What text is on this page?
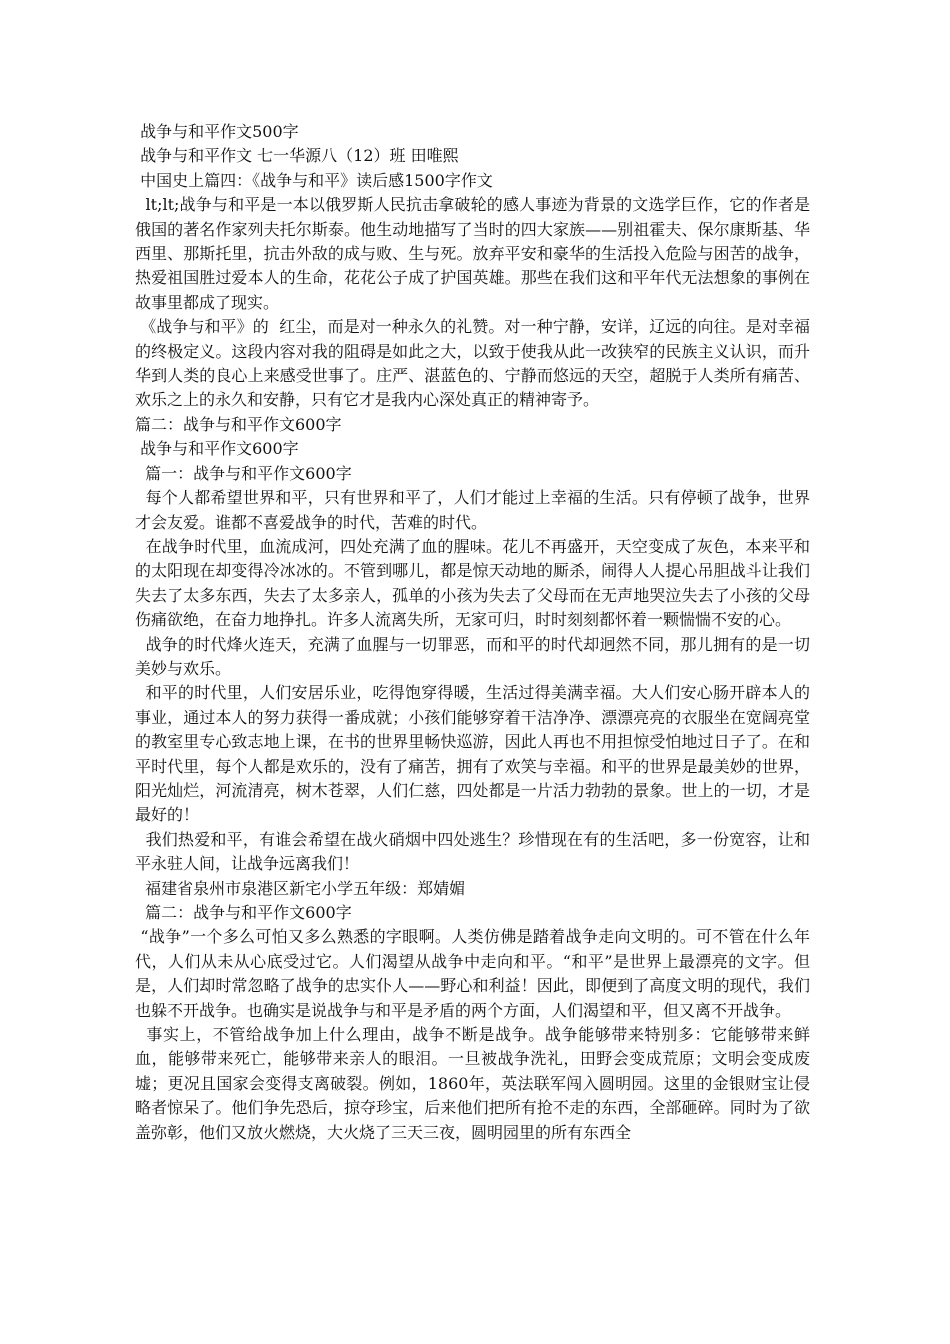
战争与和平作文500字

战争与和平作文 七一华源八（12）班 田唯熙

中国史上篇四：《战争与和平》读后感1500字作文

lt;lt;战争与和平是一本以俄罗斯人民抗击拿破轮的感人事迹为背景的文选学巨作，它的作者是俄国的著名作家列夫托尔斯泰。他生动地描写了当时的四大家族——别祖霍夫、保尔康斯基、华西里、那斯托里，抗击外敌的成与败、生与死。放弃平安和豪华的生活投入危险与困苦的战争，热爱祖国胜过爱本人的生命，花花公子成了护国英雄。那些在我们这和平年代无法想象的事例在故事里都成了现实。

《战争与和平》的  红尘，而是对一种永久的礼赞。对一种宁静，安详，辽远的向往。是对幸福的终极定义。这段内容对我的阻碍是如此之大，以致于使我从此一改狭窄的民族主义认识，而升华到人类的良心上来感受世事了。庄严、湛蓝色的、宁静而悠远的天空，超脱于人类所有痛苦、欢乐之上的永久和安静，只有它才是我内心深处真正的精神寄予。

篇二：战争与和平作文600字

战争与和平作文600字

篇一：战争与和平作文600字

每个人都希望世界和平，只有世界和平了，人们才能过上幸福的生活。只有停顿了战争，世界才会友爱。谁都不喜爱战争的时代，苦难的时代。

在战争时代里，血流成河，四处充满了血的腥味。花儿不再盛开，天空变成了灰色，本来平和的太阳现在却变得冷冰冰的。不管到哪儿，都是惊天动地的厮杀，闹得人人提心吊胆战斗让我们失去了太多东西，失去了太多亲人，孤单的小孩为失去了父母而在无声地哭泣失去了小孩的父母伤痛欲绝，在奋力地挣扎。许多人流离失所，无家可归，时时刻刻都怀着一颗惴惴不安的心。

战争的时代烽火连天，充满了血腥与一切罪恶，而和平的时代却迥然不同，那儿拥有的是一切美妙与欢乐。

和平的时代里，人们安居乐业，吃得饱穿得暖，生活过得美满幸福。大人们安心肠开辟本人的事业，通过本人的努力获得一番成就；小孩们能够穿着干洁净净、漂漂亮亮的衣服坐在宽阔亮堂的教室里专心致志地上课，在书的世界里畅快巡游，因此人再也不用担惊受怕地过日子了。在和平时代里，每个人都是欢乐的，没有了痛苦，拥有了欢笑与幸福。和平的世界是最美妙的世界，阳光灿烂，河流清亮，树木苍翠，人们仁慈，四处都是一片活力勃勃的景象。世上的一切，才是最好的！

我们热爱和平，有谁会希望在战火硝烟中四处逃生？珍惜现在有的生活吧，多一份宽容，让和平永驻人间，让战争远离我们！

福建省泉州市泉港区新宅小学五年级：郑婧媚

篇二：战争与和平作文600字

“战争”一个多么可怕又多么熟悉的字眼啊。人类仿佛是踏着战争走向文明的。可不管在什么年代，人们从未从心底受过它。人们渴望从战争中走向和平。“和平”是世界上最漂亮的文字。但是，人们却时常忽略了战争的忠实仆人——野心和利益！因此，即便到了高度文明的现代，我们也躲不开战争。也确实是说战争与和平是矛盾的两个方面，人们渴望和平，但又离不开战争。

事实上，不管给战争加上什么理由，战争不断是战争。战争能够带来特别多：它能够带来鲜血，能够带来死亡，能够带来亲人的眼泪。一旦被战争洗礼，田野会变成荒原；文明会变成废墟；更况且国家会变得支离破裂。例如，1860年，英法联军闯入圆明园。这里的金银财宝让侵略者惊呆了。他们争先恐后，掠夺珍宝，后来他们把所有抢不走的东西，全部砸碎。同时为了欲盖弥彰，他们又放火燃烧，大火烧了三天三夜，圆明园里的所有东西全
